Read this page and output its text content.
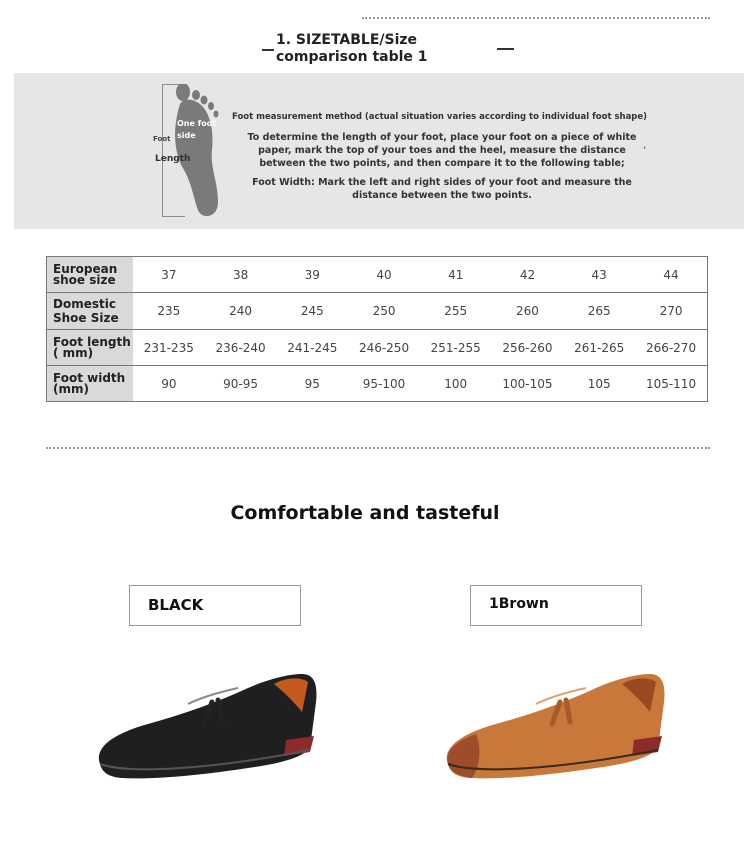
1. SIZETABLE/Size comparison table 1
Foot
Length
One foot side
Foot measurement method (actual situation varies according to individual foot shape)
To determine the length of your foot, place your foot on a piece of white paper, mark the top of your toes and the heel, measure the distance between the two points, and then compare it to the following table;
Foot Width: Mark the left and right sides of your foot and measure the distance between the two points.
,
European shoe size	37	38	39	40	41	42	43	44
Domestic Shoe Size	235	240	245	250	255	260	265	270
Foot length ( mm)	231-235	236-240	241-245	246-250	251-255	256-260	261-265	266-270
Foot width (mm)	90	90-95	95	95-100	100	100-105	105	105-110
Comfortable and tasteful
BLACK	1Brown
